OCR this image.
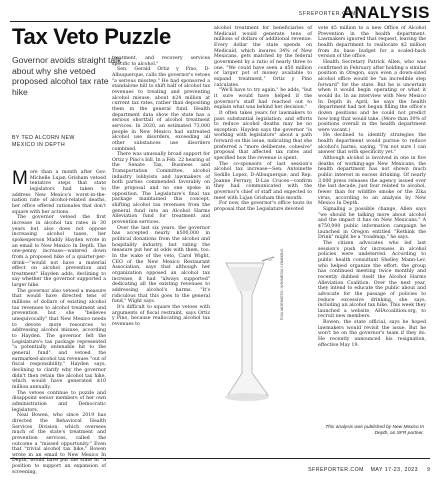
SFREPORTER.COM
ANALYSIS
Tax Veto Puzzle
Governor avoids straight talk about why she vetoed proposed alcohol tax rate hike
BY TED ALCORN NEW MEXICO IN DEPTH

More than a month after Gov. Michelle Lujan Grisham vetoed tentative steps that state legislators had taken to address New Mexico's worst-in-the-nation rate of alcohol-related deaths, her office offered rationales that don't square with her actions.

The governor vetoed the first increase in alcohol tax rates in 30 years but also does not oppose increasing alcohol taxes, her spokesperson Maddy Hayden wrote in an email to New Mexico In Depth. The one-penny increase—watered down from a proposed hike of a quarter-per-drink—"would not have a material effect on alcohol prevention and treatment" Hayden adds, declining to say whether the governor supported a larger hike.

The governor also vetoed a measure that would have directed tens of millions of dollars of existing alcohol tax revenues to alcohol treatment and prevention but she "believes unequivocally" that New Mexico needs to devote more resources to addressing alcohol misuse, according to Hayden. The governor felt the Legislature's tax package represented "a potentially untenable hit to the general fund" and vetoed the earmarked-alcohol tax revenues "out of fiscal responsibility," Hayden says, declining to clarify why the governor didn't then retain the alcohol tax hike, which would have generated $10 million annually.

The vetoes continue to puzzle and disappoint senior members of her own administration and Democratic legislators.

Neal Bowen, who since 2019 has directed the Behavioral Health Services Division, which oversees much of the state's treatment and prevention services, called the outcome a "missed opportunity." Even that "trivial alcohol tax hike," Bowen wrote in an email to New Mexico In Depth, would have put the state in "a position to support an expansion of screening,

treatment, and recovery services specific to alcohol."

Sen. Gerald Ortiz y Pino, D-Albuquerque, calls the governor's vetoes "a serious misstep." He had sponsored a standalone bill to shift half of alcohol tax revenues to treating and preventing alcohol misuse, about $24 million at current tax rates, rather than depositing them in the general fund. Health department data show the state has a serious shortfall of alcohol treatment services. In 2020, an estimated 73,000 people in New Mexico had untreated alcohol use disorders, exceeding all other substances use disorders combined.

There was unusually broad support for Ortiz y Pino's bill. In a Feb. 22 hearing of the Senate Tax, Business and Transportation Committee, alcohol industry lobbyists and lawmakers of both parties commended favorably on the proposal and no one spoke in opposition. The Legislature's final tax package maintained this concept, shifting alcohol tax revenues from the general fund into an Alcohol Harms Alleviation fund for treatment and prevention services.

Over the last six years, the governor has accepted nearly $500,000 in political donations from the alcohol and hospitality industry, but rating the measure put her at odds with them, too. In the wake of the veto, Carol Wight, CEO of the New Mexico Restaurant Association, says that although her organization opposed an alcohol tax increase, it had "always supported" dedicating all the existing revenues to addressing alcohol's harms. "It's ridiculous that this goes to the general fund," Wight says.

It's difficult to square the vetoes with arguments of fiscal restraint, says Ortiz y Pino, because reallocating alcohol tax revenues to

alcohol treatment for beneficiaries of Medicaid would generate tens of millions of dollars of additional revenue. Every dollar the state spends on Medicaid, which insures 34% of New Mexicans, gets matched by the federal government by a ratio of nearly three to one. "We could have seen a $50 million or larger pot of money available to expand treatment," Ortiz y Pino calculates.

"We'll have to try again," he adds, "but it sure would have helped if the governor's staff had reached out to explain what was behind her decision."

It often takes years for lawmakers to pass substantial legislation, and efforts to reduce alcohol deaths may be no exception. Hayden says the governor "is working with legislators" about a path forward on this issue, indicating that she preferred a "more deliberate, cohesive" proposal that affected tax rates and specified how the revenue is spent.

The co-sponsors of last session's alcohol tax increase—Sen. Antoinette Sedillo Lopez, D-Albuquerque, and Rep. Joanne Ferrary, D-Las Cruces—confirm they had communicated with the governor's chief of staff and expected to meet with Lujan Grisham this month.

For now, the governor's office touts its proposal that the Legislature devoted

RISA MORIMOTO / WIKIMEDIA COMMONS

vote $5 million to a new Office of Alcohol Prevention in the health department. Lawmakers ignored that request, leaving the health department to reallocate $2 million from its base budget for a scaled-back version of the office.

Health Secretary Patrick Allen, who was confirmed in February after holding a similar position in Oregon, says even a down-sized alcohol office would be "an incredible step forward" for the state. But he is uncertain when it would begin operating or what it would do. In an interview with New Mexico In Depth in April, he says the health department had not begun filling the office's dozen positions and he could not predict how long that would take. (More than 30% of positions overall in the health department were vacant.)

He declined to identify strategies the health department would pursue to reduce alcohol's harms, saying, "I'm not sure I can answer that with specificity yet."

Although alcohol is involved in one in five deaths of working-age New Mexicans, the health department has not shown much public interest in excess drinking. Of nearly 3,000 press releases the agency issued over the last decade, just four related to alcohol, fewer than for wildfire smoke or the Zika virus, according to an analysis by New Mexico In Depth.

Signaling a possible change, Allen says "we should be talking more about alcohol and the impact it has on New Mexicans." A $750,000 public information campaign he launched in Oregon entitled "Rethink the Drink" might be a "roadmap," he says.

The citizen advocates who led last session's push for increases in alcohol policies were undeterred. According to public health consultant Shelley Mann-Lev, who helped organize the effort, the group has continued meeting twice monthly and recently dubbed itself the Alcohol Harms Alleviation Coalition. Over the next year, they intend to educate the public about and advocate for the passage of policies to reduce excessive drinking, she says, including an alcohol tax hike. This week they launched a website, AHAcoalition.org, to recruit new members.

Bowen, the state official, says he hoped lawmakers would revisit the issue. But he won't be on the governor's team if they do. He recently announced his resignation, effective May 19.

This analysis was published by New Mexico In Depth, an SFR partner.
SFREPORTER.COM MAY 17-23, 2023 9
